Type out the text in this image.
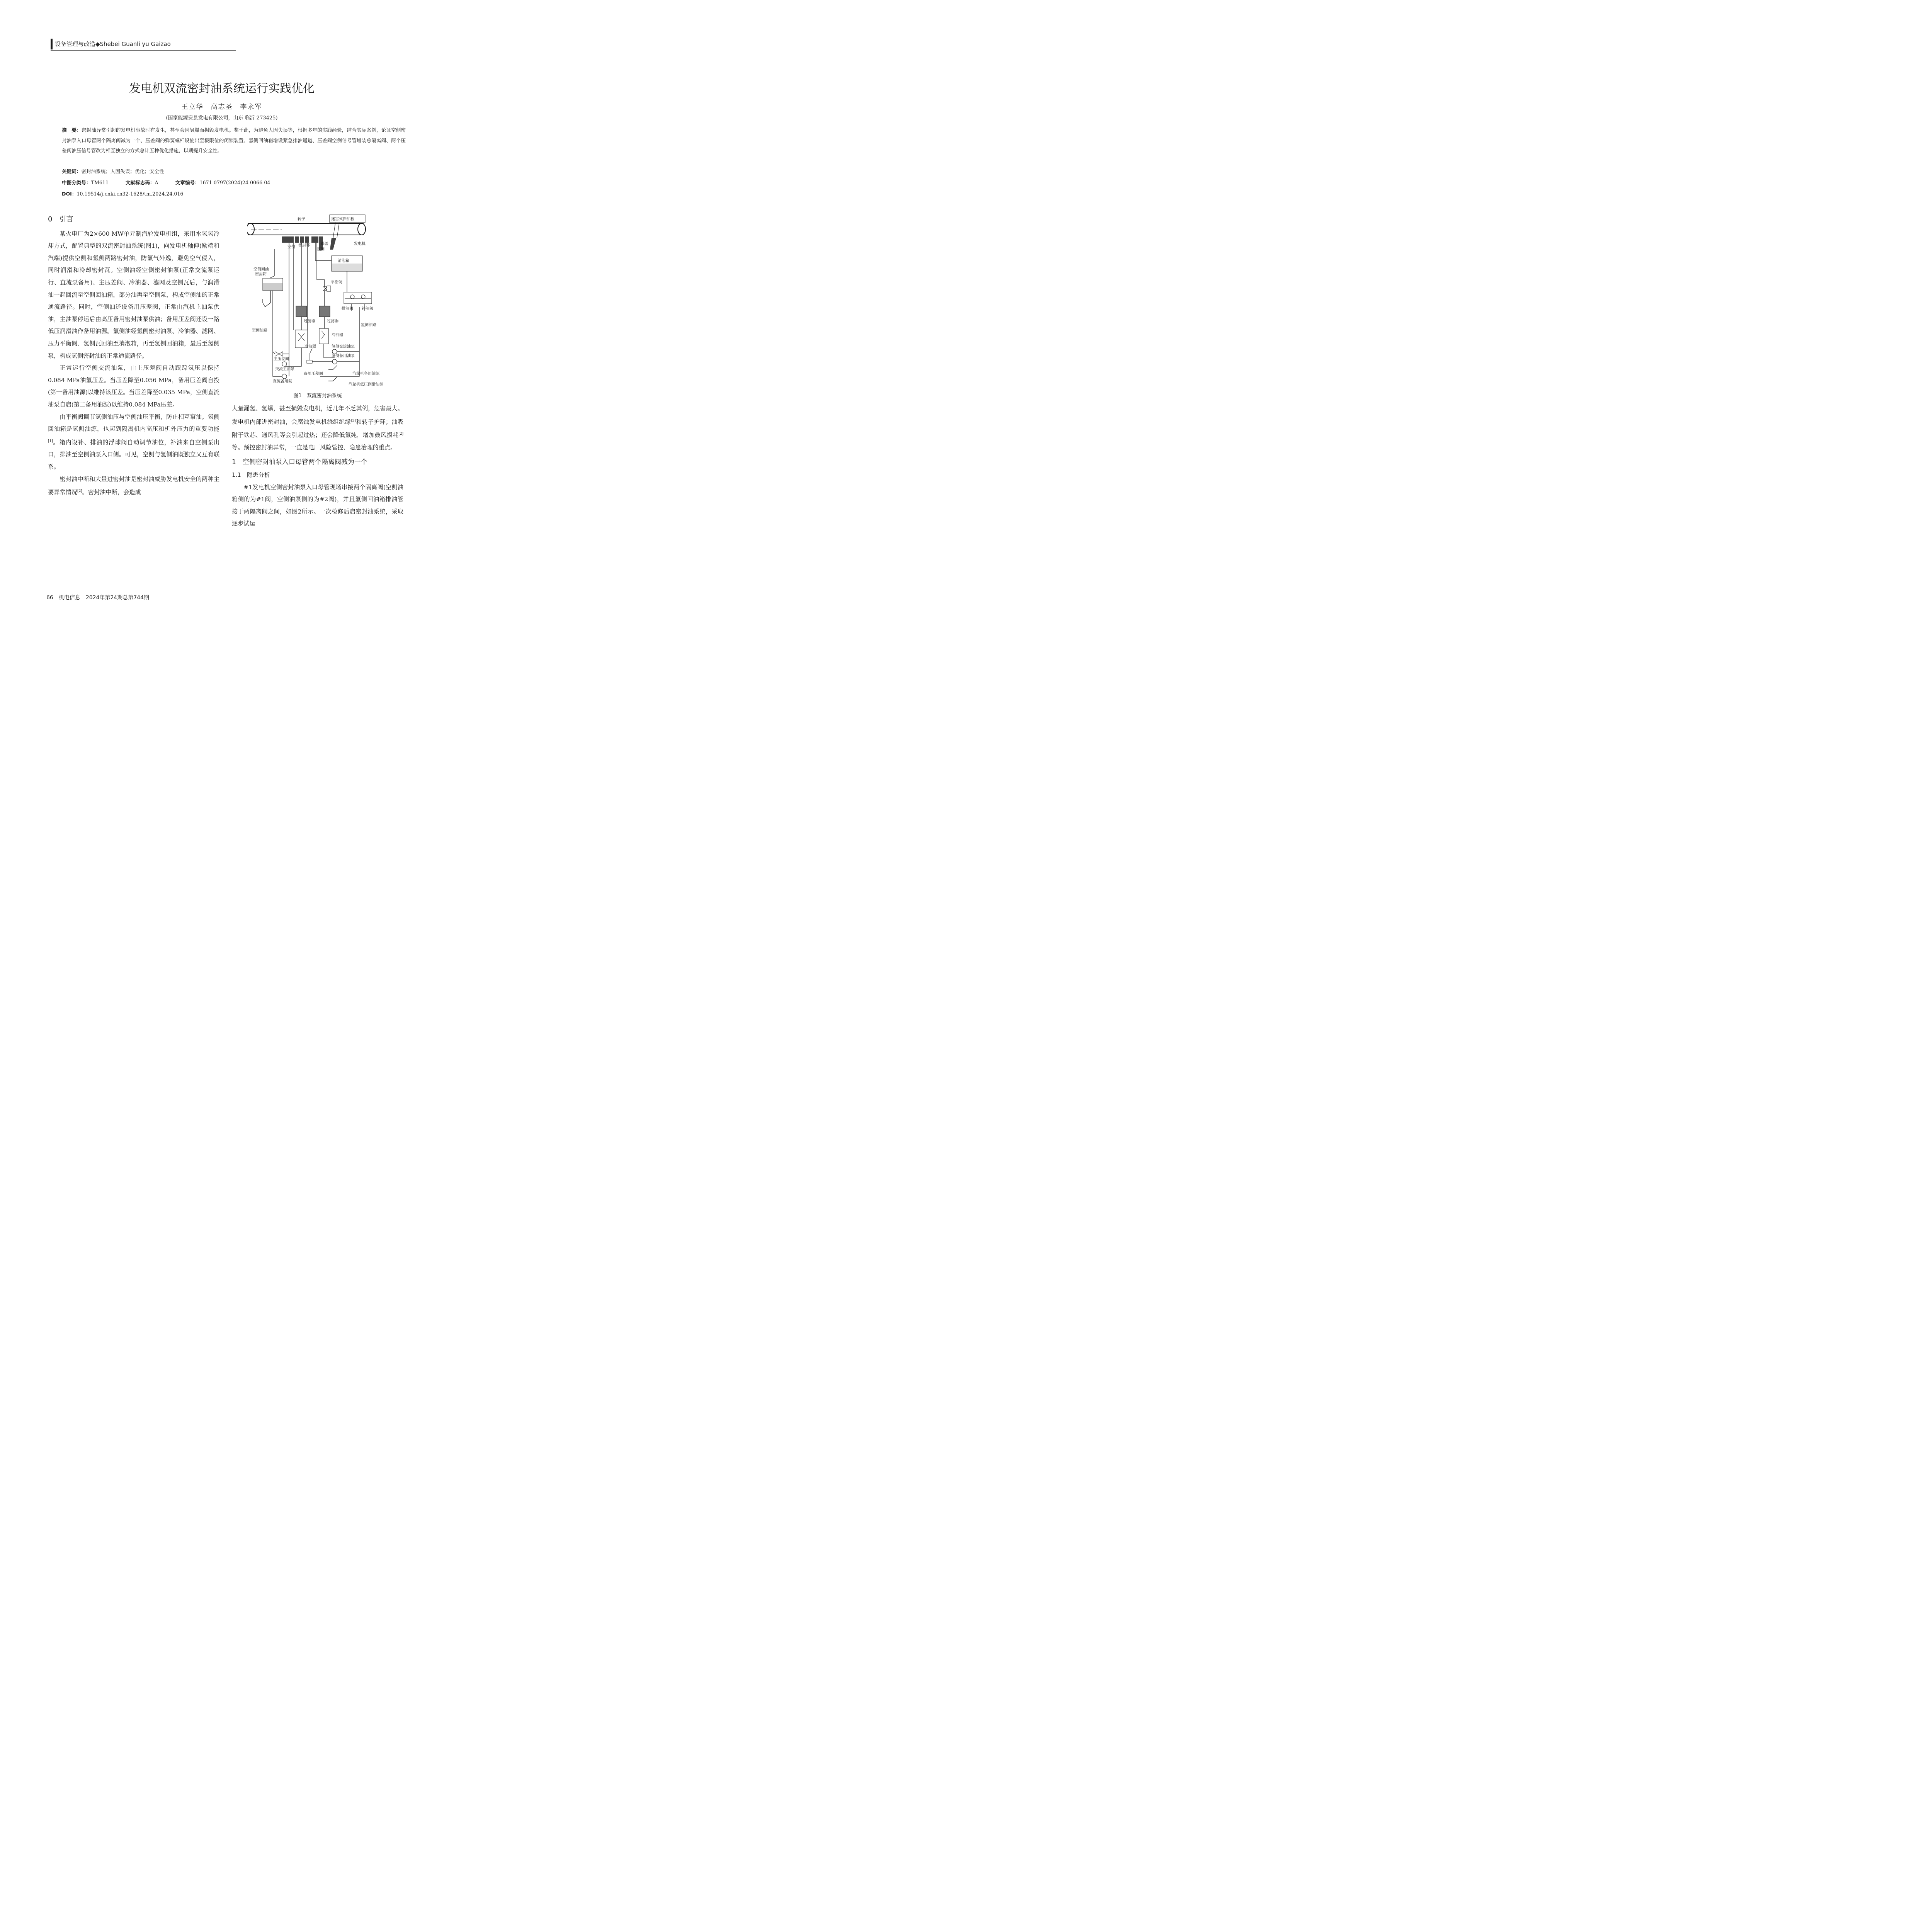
设备管理与改造◆Shebei Guanli yu Gaizao
发电机双流密封油系统运行实践优化
王立华　高志圣　李永军
(国家能源费县发电有限公司，山东 临沂 273425)
摘　要：密封油异常引起的发电机事故时有发生，甚至会因氢爆而损毁发电机。鉴于此，为避免人因失误等，根据多年的实践经验，结合实际案例，论证空侧密封油泵入口母管两个隔离阀减为一个、压差阀的弹簧螺杆设旋出至极限位的闭锁装置、氢侧回油箱增设紧急排油通道、压差阀空侧信号管增装总隔离阀、两个压差阀油压信号管改为相互独立的方式总计五种优化措施，以期提升安全性。
关键词：密封油系统；人因失误；优化；安全性
中图分类号：TM611	文献标志码：A	文章编号：1671-0797(2024)24-0066-04
DOI：10.19514/j.cnki.cn32-1628/tm.2024.24.016
0　引言

某火电厂为2×600 MW单元制汽轮发电机组，采用水氢氢冷却方式，配置典型的双流密封油系统(图1)，向发电机轴伸(励端和汽端)提供空侧和氢侧两路密封油，防氢气外逸，避免空气侵入，同时润滑和冷却密封瓦。空侧油经空侧密封油泵(正常交流泵运行、直流泵备用)、主压差阀、冷油器、滤网及空侧瓦后，与润滑油一起回流至空侧回油箱，部分油再至空侧泵，构成空侧油的正常通流路径。同时，空侧油还设备用压差阀，正常由汽机主油泵供油，主油泵停运后由高压备用密封油泵供油；备用压差阀还设一路低压润滑油作备用油源。氢侧油经氢侧密封油泵、冷油器、滤网、压力平衡阀、氢侧瓦回油至消泡箱，再至氢侧回油箱，最后至氢侧泵，构成氢侧密封油的正常通流路径。

正常运行空侧交流油泵，由主压差阀自动跟踪氢压以保持0.084 MPa油氢压差。当压差降至0.056 MPa，备用压差阀自投(第一备用油源)以维持该压差。当压差降至0.035 MPa，空侧直流油泵自启(第二备用油源)以维持0.084 MPa压差。

由平衡阀调节氢侧油压与空侧油压平衡，防止相互窜油。氢侧回油箱是氢侧油源，也起到隔离机内高压和机外压力的重要功能[1]。箱内设补、排油的浮球阀自动调节油位，补油来自空侧泵出口，排油至空侧油泵入口侧。可见，空侧与氢侧油既独立又互有联系。

密封油中断和大量进密封油是密封油威胁发电机安全的两种主要异常情况[2]。密封油中断，会造成

转子	迷宫式挡油板
发电机
空侧 密封环	端盖
氢侧
消泡箱
空侧回油
密封箱
平衡阀
排油阀 补油阀
过滤器	过滤器
空侧油路
氢侧油路
冷油器
冷油器	氢侧交流油泵
氢侧备用油泵
主压差阀
交流主油泵
备用压差阀	汽轮机备用油源
直流备用泵
汽轮机低压润滑油源
图1　双流密封油系统

大量漏氢、氢爆，甚至损毁发电机，近几年不乏其例，危害最大。发电机内部进密封油，会腐蚀发电机绕组绝缘[3]和转子护环；油吸附于铁芯、通风孔等会引起过热；还会降低氢纯，增加鼓风损耗[2]等。预控密封油异常，一直是电厂风险管控、隐患治理的重点。

1　空侧密封油泵入口母管两个隔离阀减为一个
1.1　隐患分析

#1发电机空侧密封油泵入口母管现场串接两个隔离阀(空侧油箱侧的为#1阀，空侧油泵侧的为#2阀)，并且氢侧回油箱排油管接于两隔离阀之间，如图2所示。一次检修后启密封油系统，采取逐步试运

66　机电信息　2024年第24期总第744期
